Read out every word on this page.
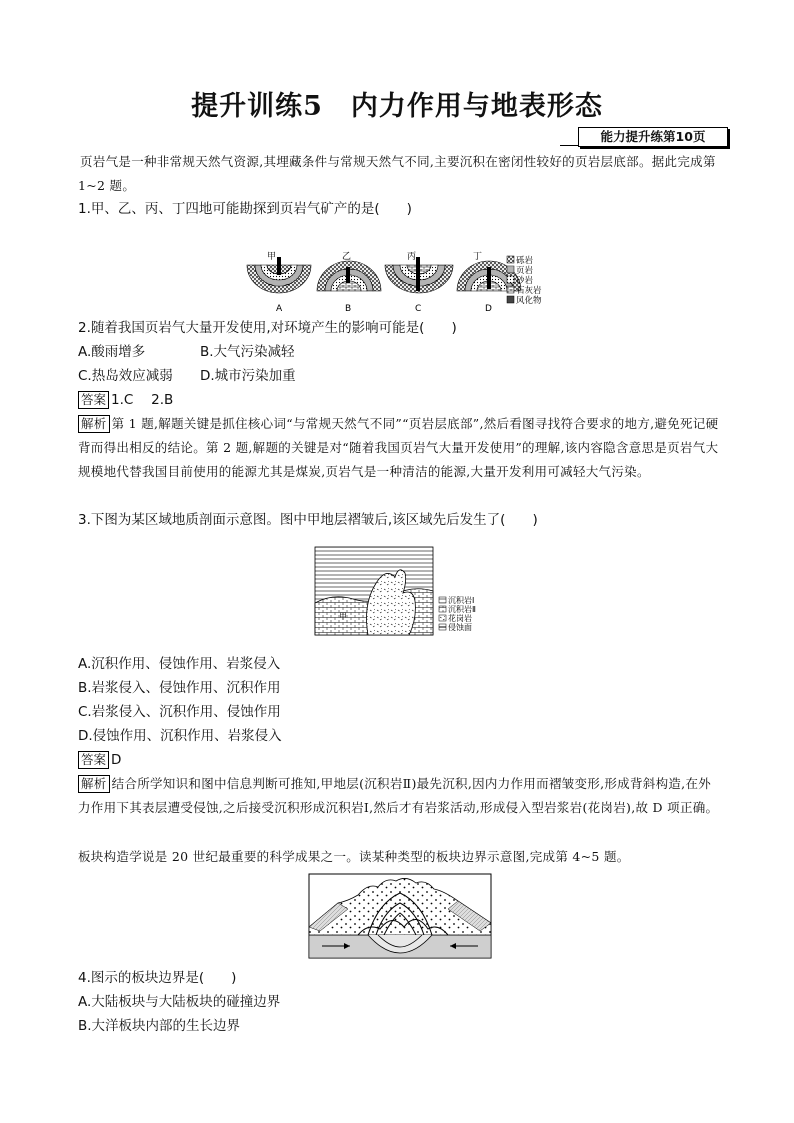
提升训练5　内力作用与地表形态
能力提升练第10页
页岩气是一种非常规天然气资源,其埋藏条件与常规天然气不同,主要沉积在密闭性较好的页岩层底部。据此完成第 1~2 题。
1.甲、乙、丙、丁四地可能勘探到页岩气矿产的是(　　)
甲	乙	丙	丁
A	B	C	D
砾岩
页岩
砂岩
石灰岩
风化物
2.随着我国页岩气大量开发使用,对环境产生的影响可能是(　　)
A.酸雨增多	B.大气污染减轻
C.热岛效应减弱 D.城市污染加重
答案 1.C　 2.B
解析 第 1 题,解题关键是抓住核心词“与常规天然气不同”“页岩层底部”,然后看图寻找符合要求的地方,避免死记硬背而得出相反的结论。第 2 题,解题的关键是对“随着我国页岩气大量开发使用”的理解,该内容隐含意思是页岩气大规模地代替我国目前使用的能源尤其是煤炭,页岩气是一种清洁的能源,大量开发利用可减轻大气污染。
3.下图为某区域地质剖面示意图。图中甲地层褶皱后,该区域先后发生了(　　)
甲
沉积岩Ⅰ
沉积岩Ⅱ
花岗岩
侵蚀面
A.沉积作用、侵蚀作用、岩浆侵入
B.岩浆侵入、侵蚀作用、沉积作用
C.岩浆侵入、沉积作用、侵蚀作用
D.侵蚀作用、沉积作用、岩浆侵入
答案 D
解析 结合所学知识和图中信息判断可推知,甲地层(沉积岩Ⅱ)最先沉积,因内力作用而褶皱变形,形成背斜构造,在外力作用下其表层遭受侵蚀,之后接受沉积形成沉积岩Ⅰ,然后才有岩浆活动,形成侵入型岩浆岩(花岗岩),故 D 项正确。
板块构造学说是 20 世纪最重要的科学成果之一。读某种类型的板块边界示意图,完成第 4~5 题。
4.图示的板块边界是(　　)
A.大陆板块与大陆板块的碰撞边界
B.大洋板块内部的生长边界
